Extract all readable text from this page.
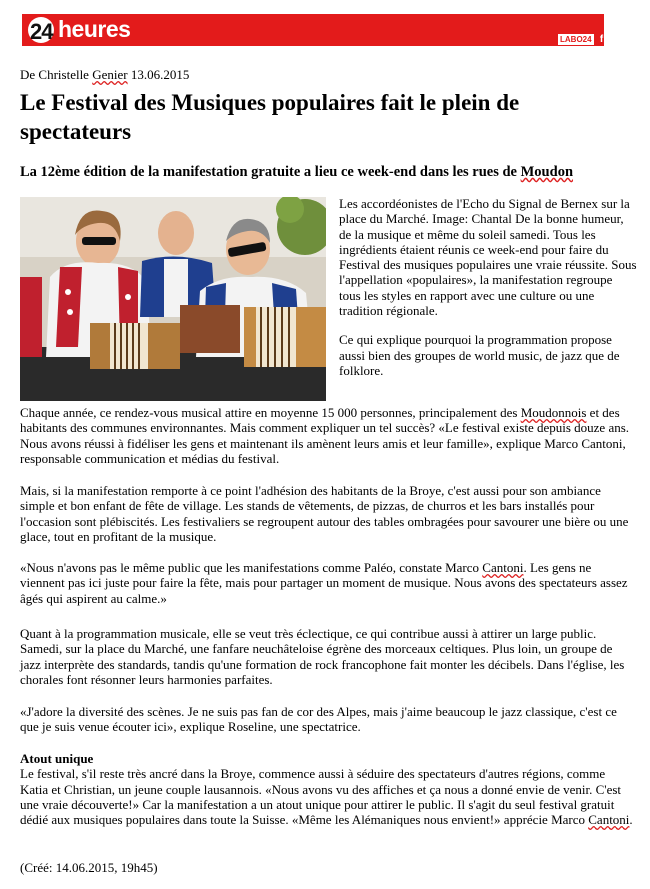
24 heures	LABO24 f t
De Christelle Genier 13.06.2015
Le Festival des Musiques populaires fait le plein de spectateurs
La 12ème édition de la manifestation gratuite a lieu ce week-end dans les rues de Moudon

Les accordéonistes de l'Echo du Signal de Bernex sur la place du Marché. Image: Chantal De la bonne humeur, de la musique et même du soleil samedi. Tous les ingrédients étaient réunis ce week-end pour faire du Festival des musiques populaires une vraie réussite. Sous l'appellation «populaires», la manifestation regroupe tous les styles en rapport avec une culture ou une tradition régionale.

Ce qui explique pourquoi la programmation propose aussi bien des groupes de world music, de jazz que de folklore.

Chaque année, ce rendez-vous musical attire en moyenne 15 000 personnes, principalement des Moudonnois et des habitants des communes environnantes. Mais comment expliquer un tel succès? «Le festival existe depuis douze ans. Nous avons réussi à fidéliser les gens et maintenant ils amènent leurs amis et leur famille», explique Marco Cantoni, responsable communication et médias du festival.

Mais, si la manifestation remporte à ce point l'adhésion des habitants de la Broye, c'est aussi pour son ambiance simple et bon enfant de fête de village. Les stands de vêtements, de pizzas, de churros et les bars installés pour l'occasion sont plébiscités. Les festivaliers se regroupent autour des tables ombragées pour savourer une bière ou une glace, tout en profitant de la musique.

«Nous n'avons pas le même public que les manifestations comme Paléo, constate Marco Cantoni. Les gens ne viennent pas ici juste pour faire la fête, mais pour partager un moment de musique. Nous avons des spectateurs assez âgés qui aspirent au calme.»

Quant à la programmation musicale, elle se veut très éclectique, ce qui contribue aussi à attirer un large public. Samedi, sur la place du Marché, une fanfare neuchâteloise égrène des morceaux celtiques. Plus loin, un groupe de jazz interprète des standards, tandis qu'une formation de rock francophone fait monter les décibels. Dans l'église, les chorales font résonner leurs harmonies parfaites.

«J'adore la diversité des scènes. Je ne suis pas fan de cor des Alpes, mais j'aime beaucoup le jazz classique, c'est ce que je suis venue écouter ici», explique Roseline, une spectatrice.

Atout unique
Le festival, s'il reste très ancré dans la Broye, commence aussi à séduire des spectateurs d'autres régions, comme Katia et Christian, un jeune couple lausannois. «Nous avons vu des affiches et ça nous a donné envie de venir. C'est une vraie découverte!» Car la manifestation a un atout unique pour attirer le public. Il s'agit du seul festival gratuit dédié aux musiques populaires dans toute la Suisse. «Même les Alémaniques nous envient!» apprécie Marco Cantoni.

(Créé: 14.06.2015, 19h45)
